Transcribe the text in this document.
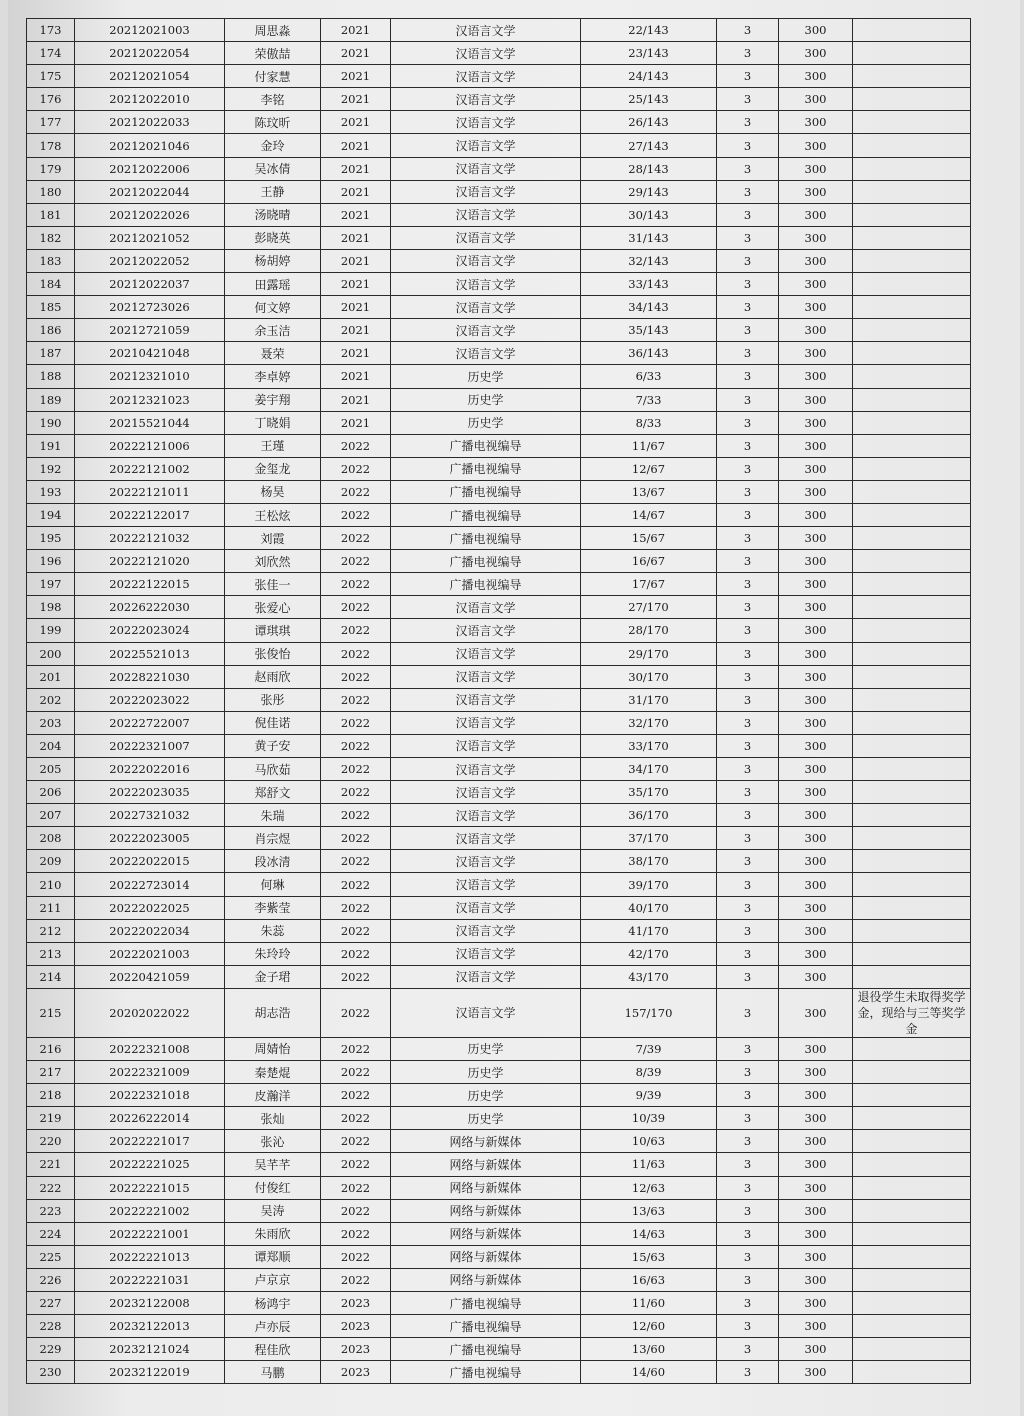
173	20212021003	周思淼	2021	汉语言文学	22/143	3	300	
174	20212022054	荣傲喆	2021	汉语言文学	23/143	3	300	
175	20212021054	付家慧	2021	汉语言文学	24/143	3	300	
176	20212022010	李铭	2021	汉语言文学	25/143	3	300	
177	20212022033	陈玟昕	2021	汉语言文学	26/143	3	300	
178	20212021046	金玲	2021	汉语言文学	27/143	3	300	
179	20212022006	吴冰倩	2021	汉语言文学	28/143	3	300	
180	20212022044	王静	2021	汉语言文学	29/143	3	300	
181	20212022026	汤晓晴	2021	汉语言文学	30/143	3	300	
182	20212021052	彭晓英	2021	汉语言文学	31/143	3	300	
183	20212022052	杨胡婷	2021	汉语言文学	32/143	3	300	
184	20212022037	田露瑶	2021	汉语言文学	33/143	3	300	
185	20212723026	何文婷	2021	汉语言文学	34/143	3	300	
186	20212721059	余玉洁	2021	汉语言文学	35/143	3	300	
187	20210421048	聂荣	2021	汉语言文学	36/143	3	300	
188	20212321010	李卓婷	2021	历史学	6/33	3	300	
189	20212321023	姜宇翔	2021	历史学	7/33	3	300	
190	20215521044	丁晓娟	2021	历史学	8/33	3	300	
191	20222121006	王瑾	2022	广播电视编导	11/67	3	300	
192	20222121002	金玺龙	2022	广播电视编导	12/67	3	300	
193	20222121011	杨昊	2022	广播电视编导	13/67	3	300	
194	20222122017	王松炫	2022	广播电视编导	14/67	3	300	
195	20222121032	刘霞	2022	广播电视编导	15/67	3	300	
196	20222121020	刘欣然	2022	广播电视编导	16/67	3	300	
197	20222122015	张佳一	2022	广播电视编导	17/67	3	300	
198	20226222030	张爱心	2022	汉语言文学	27/170	3	300	
199	20222023024	谭琪琪	2022	汉语言文学	28/170	3	300	
200	20225521013	张俊怡	2022	汉语言文学	29/170	3	300	
201	20228221030	赵雨欣	2022	汉语言文学	30/170	3	300	
202	20222023022	张彤	2022	汉语言文学	31/170	3	300	
203	20222722007	倪佳诺	2022	汉语言文学	32/170	3	300	
204	20222321007	黄子安	2022	汉语言文学	33/170	3	300	
205	20222022016	马欣茹	2022	汉语言文学	34/170	3	300	
206	20222023035	郑舒文	2022	汉语言文学	35/170	3	300	
207	20227321032	朱瑞	2022	汉语言文学	36/170	3	300	
208	20222023005	肖宗煜	2022	汉语言文学	37/170	3	300	
209	20222022015	段冰清	2022	汉语言文学	38/170	3	300	
210	20222723014	何琳	2022	汉语言文学	39/170	3	300	
211	20222022025	李紫莹	2022	汉语言文学	40/170	3	300	
212	20222022034	朱蕊	2022	汉语言文学	41/170	3	300	
213	20222021003	朱玲玲	2022	汉语言文学	42/170	3	300	
214	20220421059	金子珺	2022	汉语言文学	43/170	3	300	
215	20202022022	胡志浩	2022	汉语言文学	157/170	3	300	退役学生未取得奖学金，现给与三等奖学金
216	20222321008	周婧怡	2022	历史学	7/39	3	300	
217	20222321009	秦楚焜	2022	历史学	8/39	3	300	
218	20222321018	皮瀚洋	2022	历史学	9/39	3	300	
219	20226222014	张灿	2022	历史学	10/39	3	300	
220	20222221017	张沁	2022	网络与新媒体	10/63	3	300	
221	20222221025	吴芊芊	2022	网络与新媒体	11/63	3	300	
222	20222221015	付俊红	2022	网络与新媒体	12/63	3	300	
223	20222221002	吴涛	2022	网络与新媒体	13/63	3	300	
224	20222221001	朱雨欣	2022	网络与新媒体	14/63	3	300	
225	20222221013	谭郑顺	2022	网络与新媒体	15/63	3	300	
226	20222221031	卢京京	2022	网络与新媒体	16/63	3	300	
227	20232122008	杨鸿宇	2023	广播电视编导	11/60	3	300	
228	20232122013	卢亦辰	2023	广播电视编导	12/60	3	300	
229	20232121024	程佳欣	2023	广播电视编导	13/60	3	300	
230	20232122019	马鹏	2023	广播电视编导	14/60	3	300	
